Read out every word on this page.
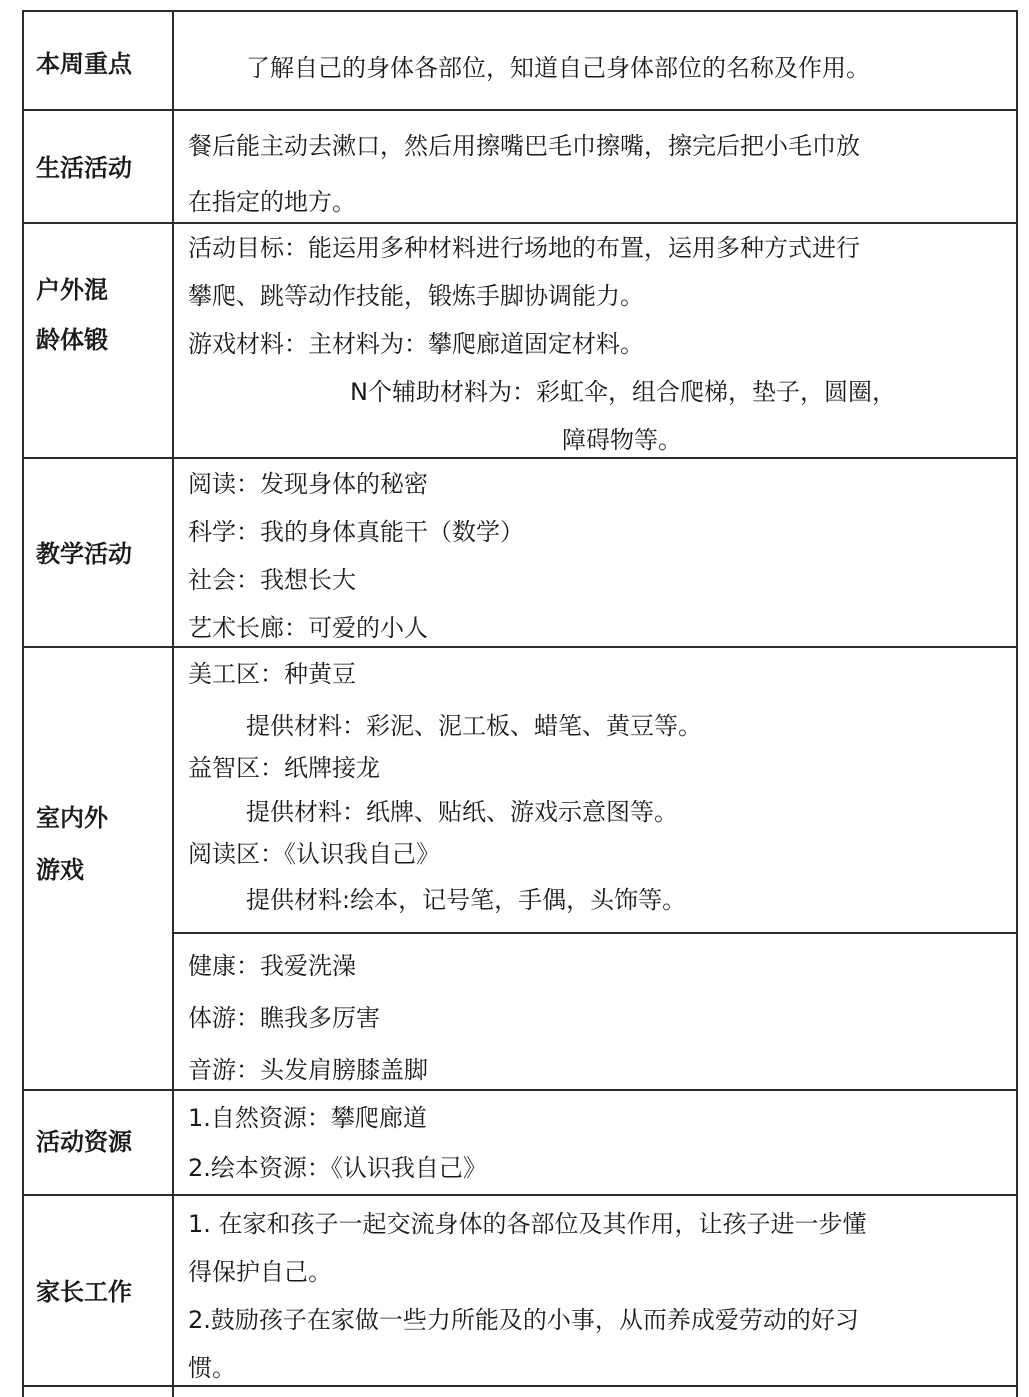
本周重点	了解自己的身体各部位，知道自己身体部位的名称及作用。
生活活动
餐后能主动去漱口，然后用擦嘴巴毛巾擦嘴，擦完后把小毛巾放
在指定的地方。
户外混
龄体锻
活动目标：能运用多种材料进行场地的布置，运用多种方式进行
攀爬、跳等动作技能，锻炼手脚协调能力。
游戏材料：主材料为：攀爬廊道固定材料。
N个辅助材料为：彩虹伞，组合爬梯，垫子，圆圈，
障碍物等。
教学活动
阅读：发现身体的秘密
科学：我的身体真能干（数学）
社会：我想长大
艺术长廊：可爱的小人
室内外
游戏
美工区：种黄豆
提供材料：彩泥、泥工板、蜡笔、黄豆等。
益智区：纸牌接龙
提供材料：纸牌、贴纸、游戏示意图等。
阅读区：《认识我自己》
提供材料:绘本，记号笔，手偶，头饰等。
健康：我爱洗澡
体游：瞧我多厉害
音游：头发肩膀膝盖脚
活动资源
1.自然资源：攀爬廊道
2.绘本资源：《认识我自己》
家长工作
1. 在家和孩子一起交流身体的各部位及其作用，让孩子进一步懂
得保护自己。
2.鼓励孩子在家做一些力所能及的小事，从而养成爱劳动的好习
惯。
